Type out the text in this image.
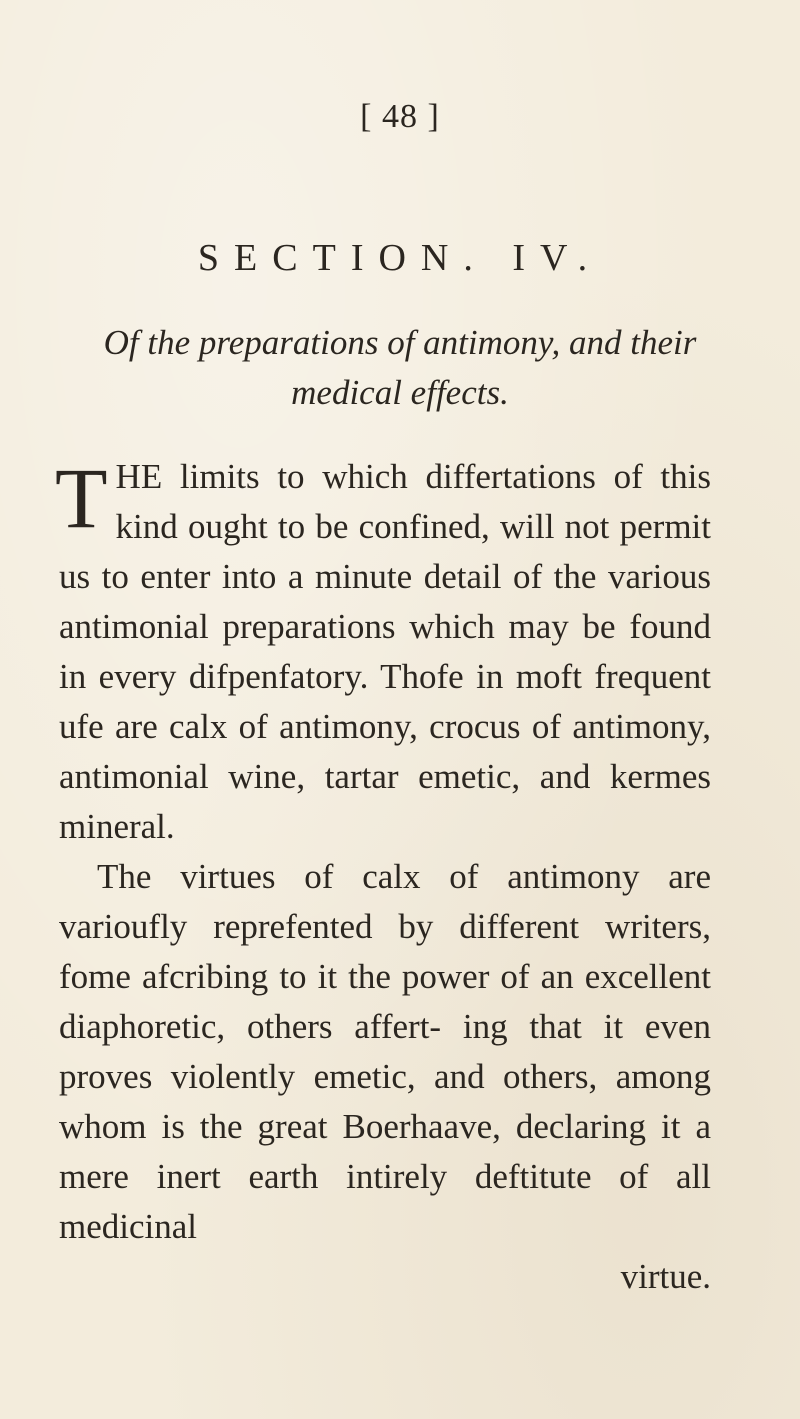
[ 48 ]
SECTION. IV.
Of the preparations of antimony, and their
medical effects.

T HE limits to which differtations of this kind ought to be confined, will not permit us to enter into a minute detail of the various antimonial preparations which may be found in every difpenfatory. Thofe in moft frequent ufe are calx of antimony, crocus of antimony, antimonial wine, tartar emetic, and kermes mineral.

The virtues of calx of antimony are varioufly reprefented by different writers, fome afcribing to it the power of an excellent diaphoretic, others affert- ing that it even proves violently emetic, and others, among whom is the great Boerhaave, declaring it a mere inert earth intirely deftitute of all medicinal
virtue.
